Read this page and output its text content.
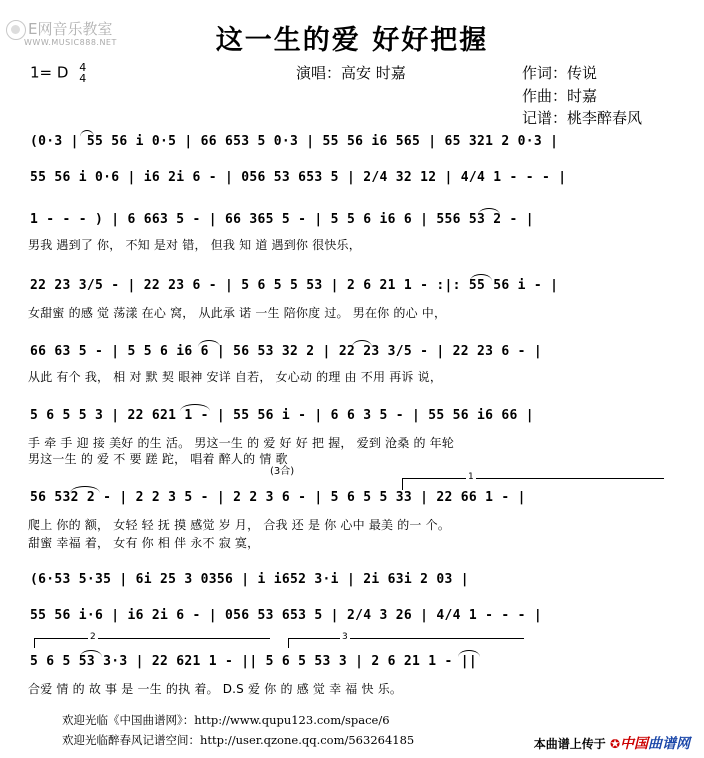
E网音乐教室
WWW.MUSIC888.NET	这一生的爱 好好把握
1= D 4
4	演唱：高安 时嘉	作词：传说
作曲：时嘉
记谱：桃李醉春风
(0·3 | 55 56 i 0·5 | 66 653 5 0·3 | 55 56 i6 565 | 65 321 2 0·3 |
55 56 i 0·6 | i6 2i 6 - | 056 53 653 5 | 2/4 32 12 | 4/4 1 - - - |
1 - - - ) | 6 663 5 - | 66 365 5 - | 5 5 6 i6 6 | 556 53 2 - |
男我 遇到了 你， 不知 是对 错， 但我 知 道 遇到你 很快乐，
22 23 3/5 - | 22 23 6 - | 5 6 5 5 53 | 2 6 21 1 - :|: 55 56 i - |
女甜蜜 的感 觉 荡漾 在心 窝， 从此承 诺 一生 陪你度 过。 男在你 的心 中，
66 63 5 - | 5 5 6 i6 6 | 56 53 32 2 | 22 23 3/5 - | 22 23 6 - |
从此 有个 我， 相 对 默 契 眼神 安详 自若， 女心动 的理 由 不用 再诉 说，
5 6 5 5 3 | 22 621 1 - | 55 56 i - | 6 6 3 5 - | 55 56 i6 66 |
手 牵 手 迎 接 美好 的生 活。 男这一生 的 爱 好 好 把 握， 爱到 沧桑 的 年轮
男这一生 的 爱 不 要 蹉 跎， 唱着 醉人的 情 歌
(3合)	1
56 532 2 - | 2 2 3 5 - | 2 2 3 6 - | 5 6 5 5 33 | 22 66 1 - |
爬上 你的 额， 女轻 轻 抚 摸 感觉 岁 月， 合我 还 是 你 心中 最美 的一 个。
甜蜜 幸福 着， 女有 你 相 伴 永不 寂 寞，
(6·53 5·35 | 6i 25 3 0356 | i i652 3·i | 2i 63i 2 03 |
55 56 i·6 | i6 2i 6 - | 056 53 653 5 | 2/4 3 26 | 4/4 1 - - - |
2	3
5 6 5 53 3·3 | 22 621 1 - || 5 6 5 53 3 | 2 6 21 1 - ||
合爱 情 的 故 事 是 一生 的执 着。 D.S 爱 你 的 感 觉 幸 福 快 乐。
欢迎光临《中国曲谱网》：http://www.qupu123.com/space/6
欢迎光临醉春风记谱空间：http://user.qzone.qq.com/563264185	本曲谱上传于 ✪中国曲谱网
